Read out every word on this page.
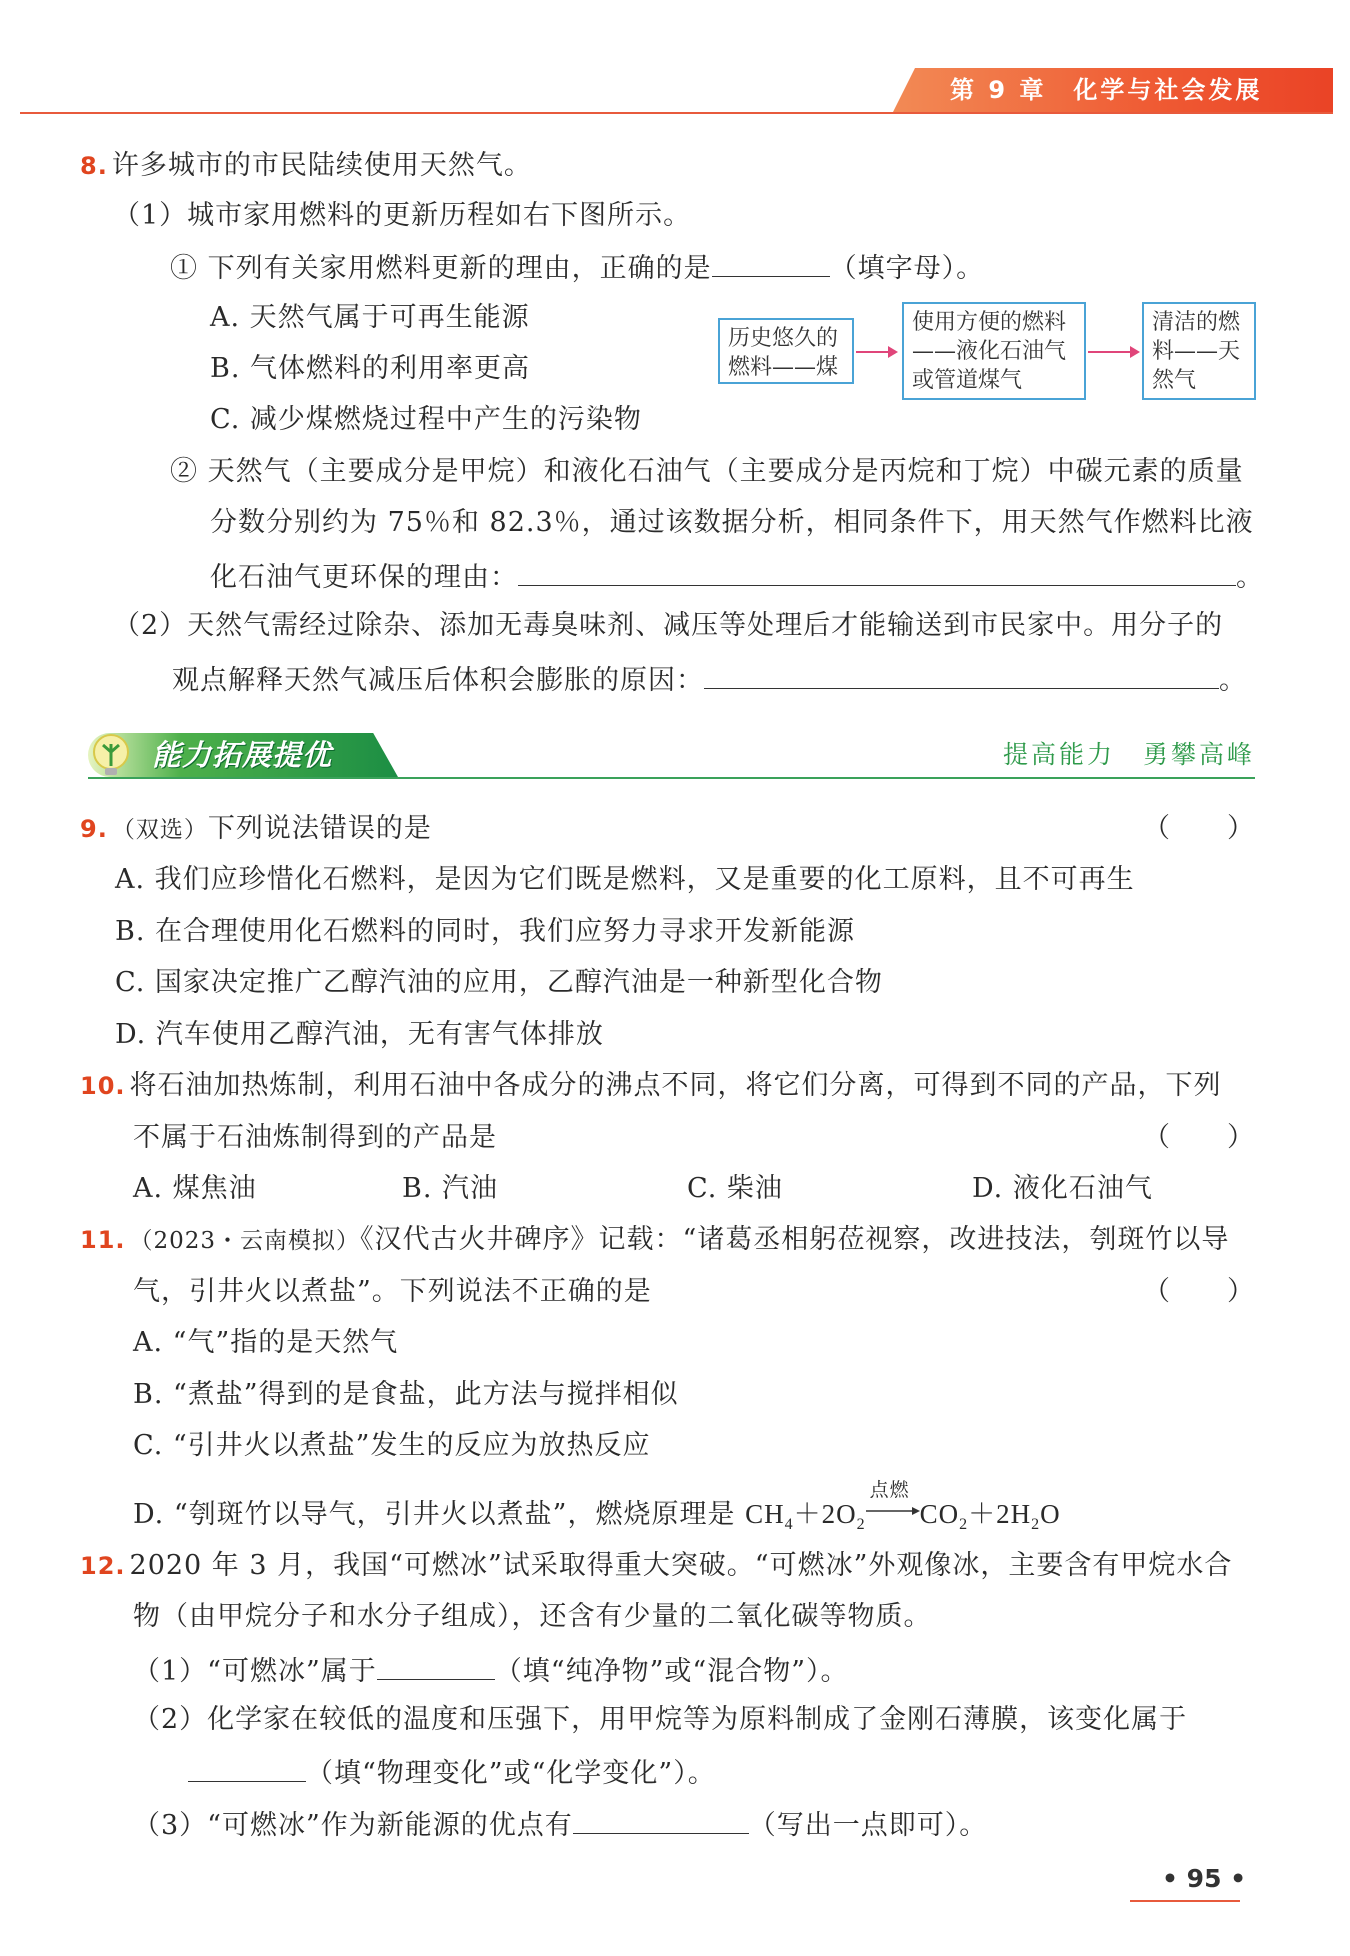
第 9 章　化学与社会发展
8. 许多城市的市民陆续使用天然气。
（1）城市家用燃料的更新历程如右下图所示。
① 下列有关家用燃料更新的理由，正确的是	（填字母）。
A. 天然气属于可再生能源
B. 气体燃料的利用率更高
C. 减少煤燃烧过程中产生的污染物
历史悠久的燃料——煤
使用方便的燃料——液化石油气或管道煤气
清洁的燃料——天然气
② 天然气（主要成分是甲烷）和液化石油气（主要成分是丙烷和丁烷）中碳元素的质量
分数分别约为 75％和 82.3％，通过该数据分析，相同条件下，用天然气作燃料比液
化石油气更环保的理由：	。
（2）天然气需经过除杂、添加无毒臭味剂、减压等处理后才能输送到市民家中。用分子的
观点解释天然气减压后体积会膨胀的原因：	。
能力拓展提优	提高能力　勇攀高峰
9. （双选）下列说法错误的是	（　　）
A. 我们应珍惜化石燃料，是因为它们既是燃料，又是重要的化工原料，且不可再生
B. 在合理使用化石燃料的同时，我们应努力寻求开发新能源
C. 国家决定推广乙醇汽油的应用，乙醇汽油是一种新型化合物
D. 汽车使用乙醇汽油，无有害气体排放
10. 将石油加热炼制，利用石油中各成分的沸点不同，将它们分离，可得到不同的产品，下列
不属于石油炼制得到的产品是	（　　）
A. 煤焦油	B. 汽油	C. 柴油	D. 液化石油气
11. （2023・云南模拟）《汉代古火井碑序》记载：“诸葛丞相躬莅视察，改进技法，刳斑竹以导
气，引井火以煮盐”。下列说法不正确的是	（　　）
A. “气”指的是天然气
B. “煮盐”得到的是食盐，此方法与搅拌相似
C. “引井火以煮盐”发生的反应为放热反应
D. “刳斑竹以导气，引井火以煮盐”，燃烧原理是 $CH_4+2O_2$
点燃
$CO_2+2H_2O$
12. 2020 年 3 月，我国“可燃冰”试采取得重大突破。“可燃冰”外观像冰，主要含有甲烷水合
物（由甲烷分子和水分子组成），还含有少量的二氧化碳等物质。
（1）“可燃冰”属于	（填“纯净物”或“混合物”）。
（2）化学家在较低的温度和压强下，用甲烷等为原料制成了金刚石薄膜，该变化属于
（填“物理变化”或“化学变化”）。
（3）“可燃冰”作为新能源的优点有	（写出一点即可）。
• 95 •
